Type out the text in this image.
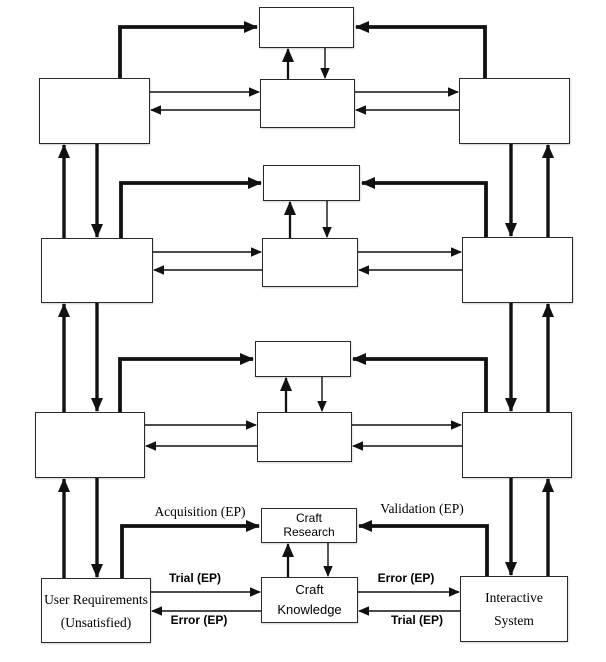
Craft
Research
User Requirements
(Unsatisfied)
Craft
Knowledge
Interactive
System
Acquisition (EP)	Validation (EP)
Trial (EP)	Error (EP)
Error (EP)	Trial (EP)
